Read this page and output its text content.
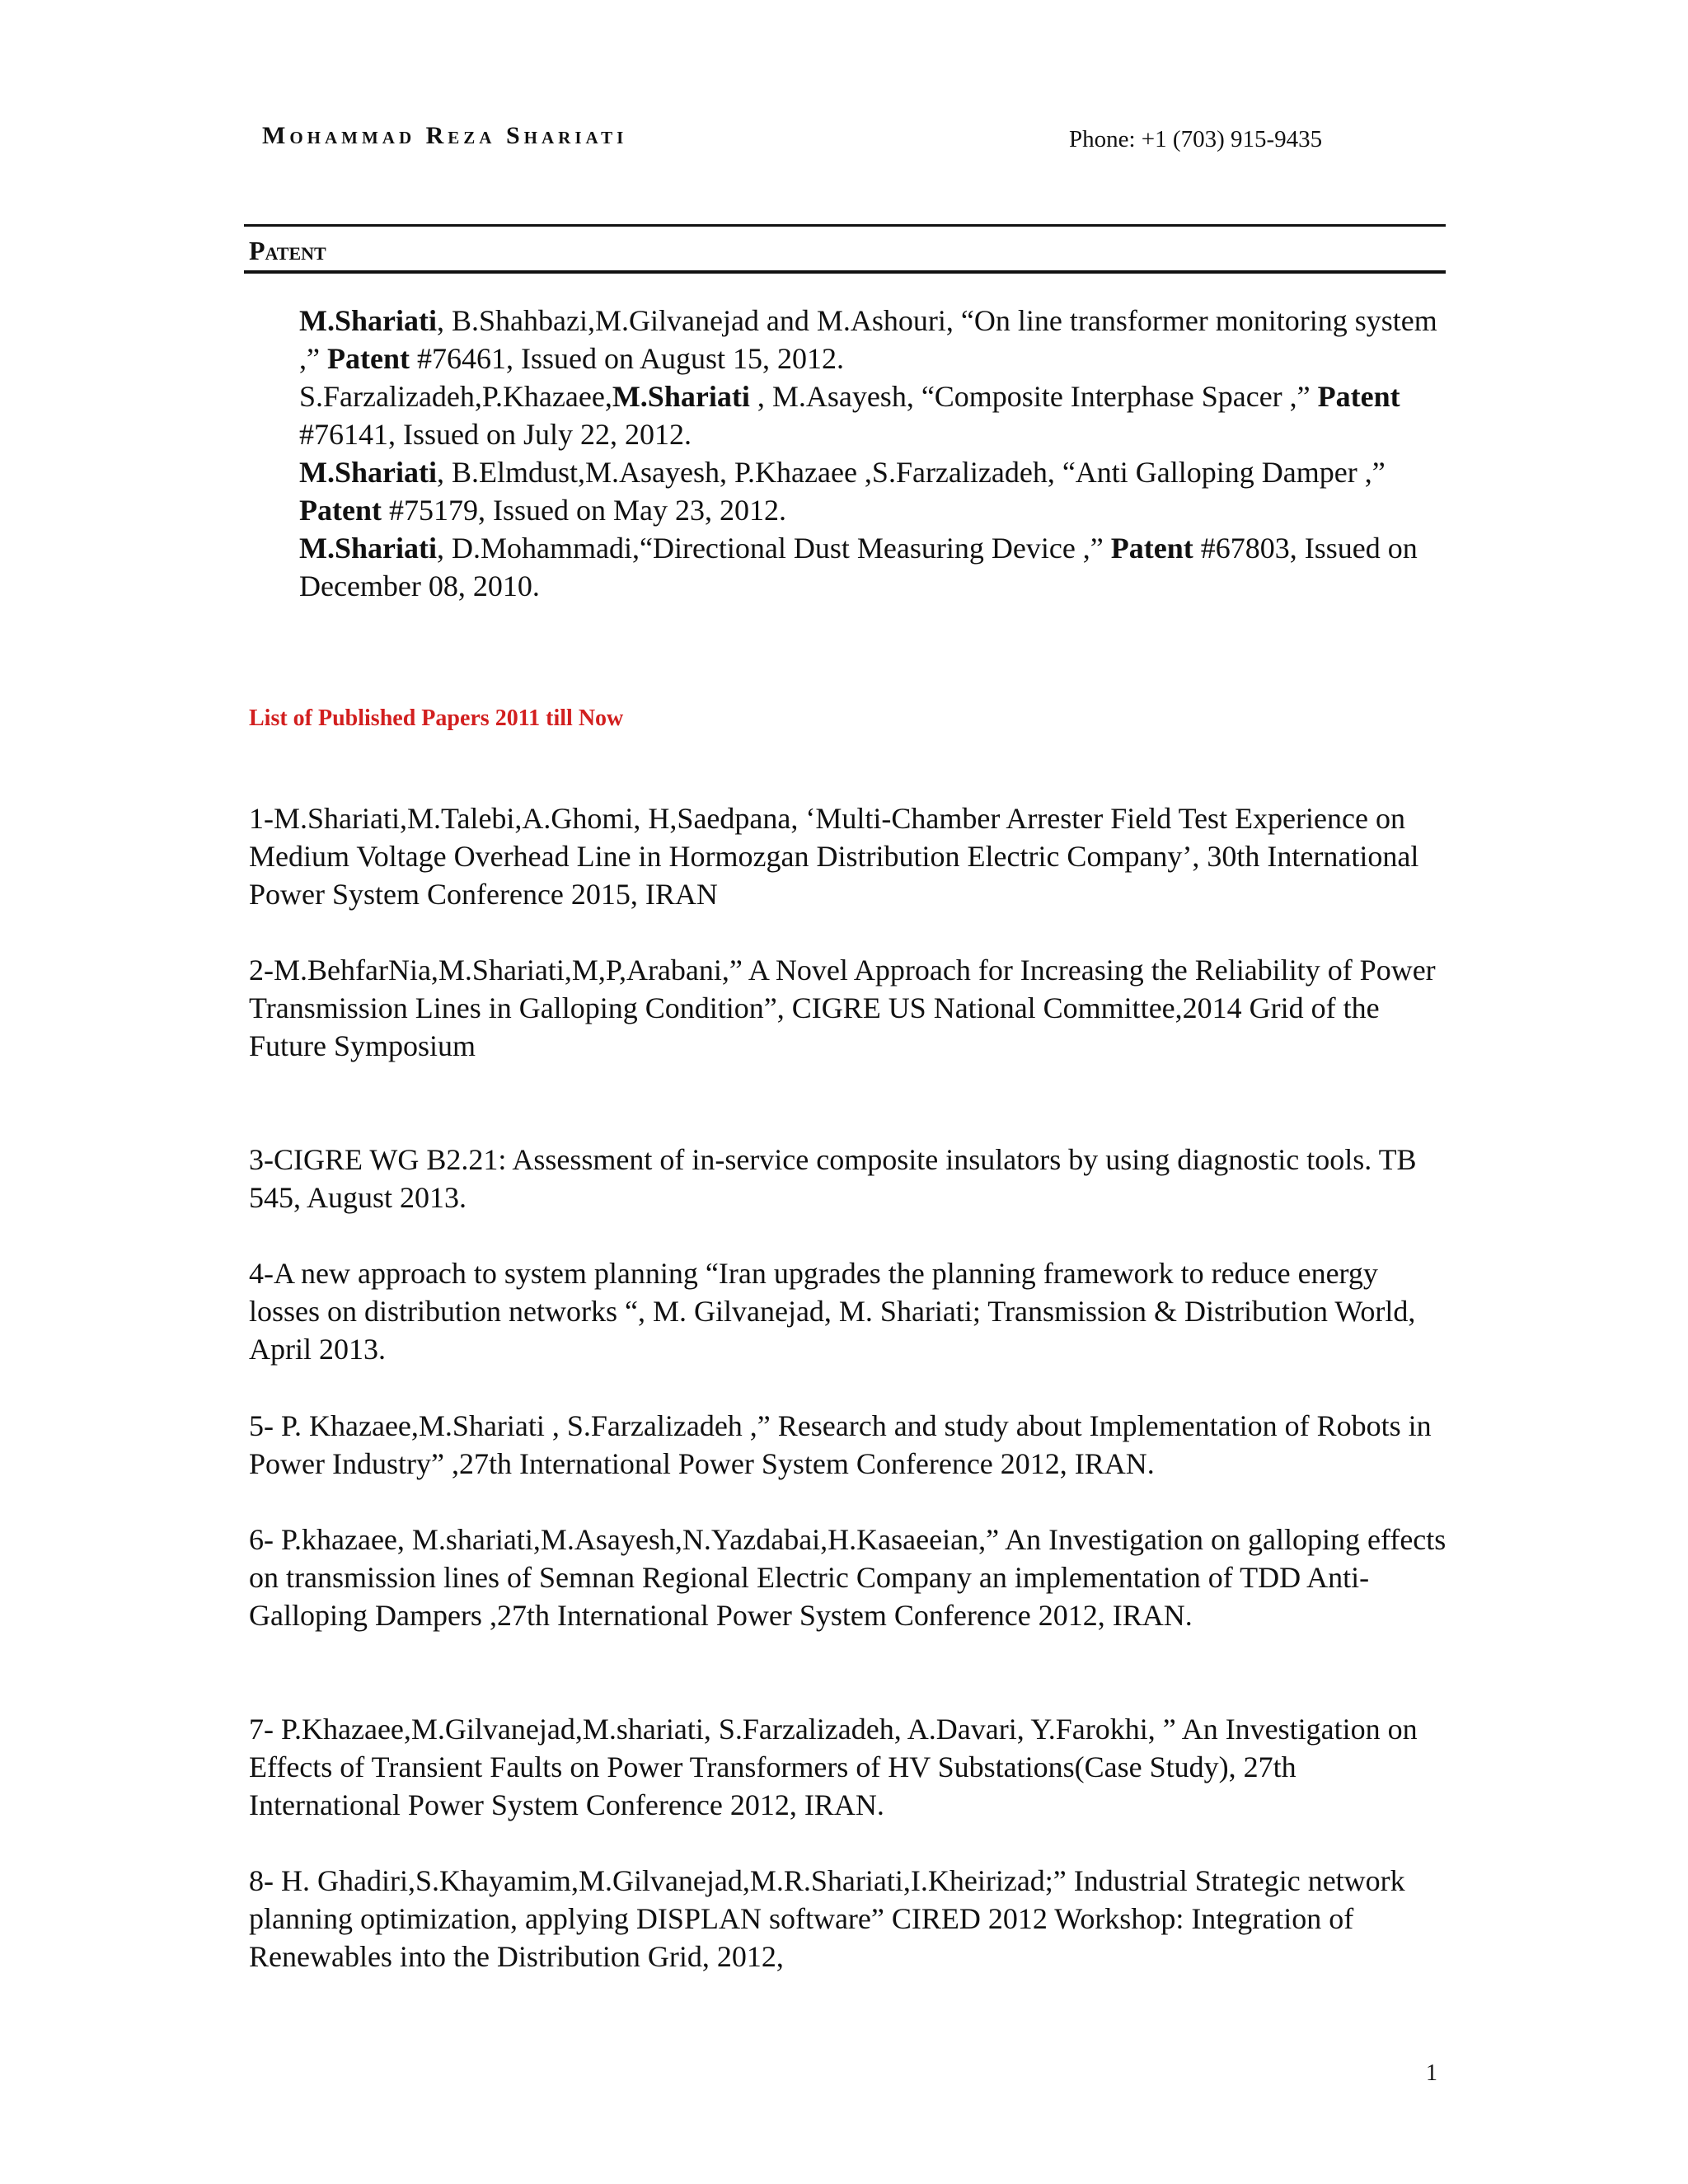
Mohammad Reza Shariati	Phone: +1 (703) 915-9435
Patent

M.Shariati, B.Shahbazi,M.Gilvanejad and M.Ashouri, “On line transformer monitoring system ,” Patent #76461, Issued on August 15, 2012.

S.Farzalizadeh,P.Khazaee,M.Shariati , M.Asayesh, “Composite Interphase Spacer ,” Patent #76141, Issued on July 22, 2012.

M.Shariati, B.Elmdust,M.Asayesh, P.Khazaee ,S.Farzalizadeh, “Anti Galloping Damper ,” Patent #75179, Issued on May 23, 2012.

M.Shariati, D.Mohammadi,“Directional Dust Measuring Device ,” Patent #67803, Issued on December 08, 2010.

List of Published Papers 2011 till Now

1-M.Shariati,M.Talebi,A.Ghomi, H,Saedpana, ‘Multi-Chamber Arrester Field Test Experience on Medium Voltage Overhead Line in Hormozgan Distribution Electric Company’, 30th International Power System Conference 2015, IRAN

2-M.BehfarNia,M.Shariati,M,P,Arabani,” A Novel Approach for Increasing the Reliability of Power Transmission Lines in Galloping Condition”, CIGRE US National Committee,2014 Grid of the Future Symposium

3-CIGRE WG B2.21: Assessment of in-service composite insulators by using diagnostic tools. TB 545, August 2013.

4-A new approach to system planning “Iran upgrades the planning framework to reduce energy losses on distribution networks “, M. Gilvanejad, M. Shariati; Transmission & Distribution World, April 2013.

5- P. Khazaee,M.Shariati , S.Farzalizadeh ,” Research and study about Implementation of Robots in Power Industry” ,27th International Power System Conference 2012, IRAN.

6- P.khazaee, M.shariati,M.Asayesh,N.Yazdabai,H.Kasaeeian,” An Investigation on galloping effects on transmission lines of Semnan Regional Electric Company an implementation of TDD Anti-Galloping Dampers ,27th International Power System Conference 2012, IRAN.

7- P.Khazaee,M.Gilvanejad,M.shariati, S.Farzalizadeh, A.Davari, Y.Farokhi, ” An Investigation on Effects of Transient Faults on Power Transformers of HV Substations(Case Study), 27th International Power System Conference 2012, IRAN.

8- H. Ghadiri,S.Khayamim,M.Gilvanejad,M.R.Shariati,I.Kheirizad;” Industrial Strategic network planning optimization, applying DISPLAN software” CIRED 2012 Workshop: Integration of Renewables into the Distribution Grid, 2012,

1
